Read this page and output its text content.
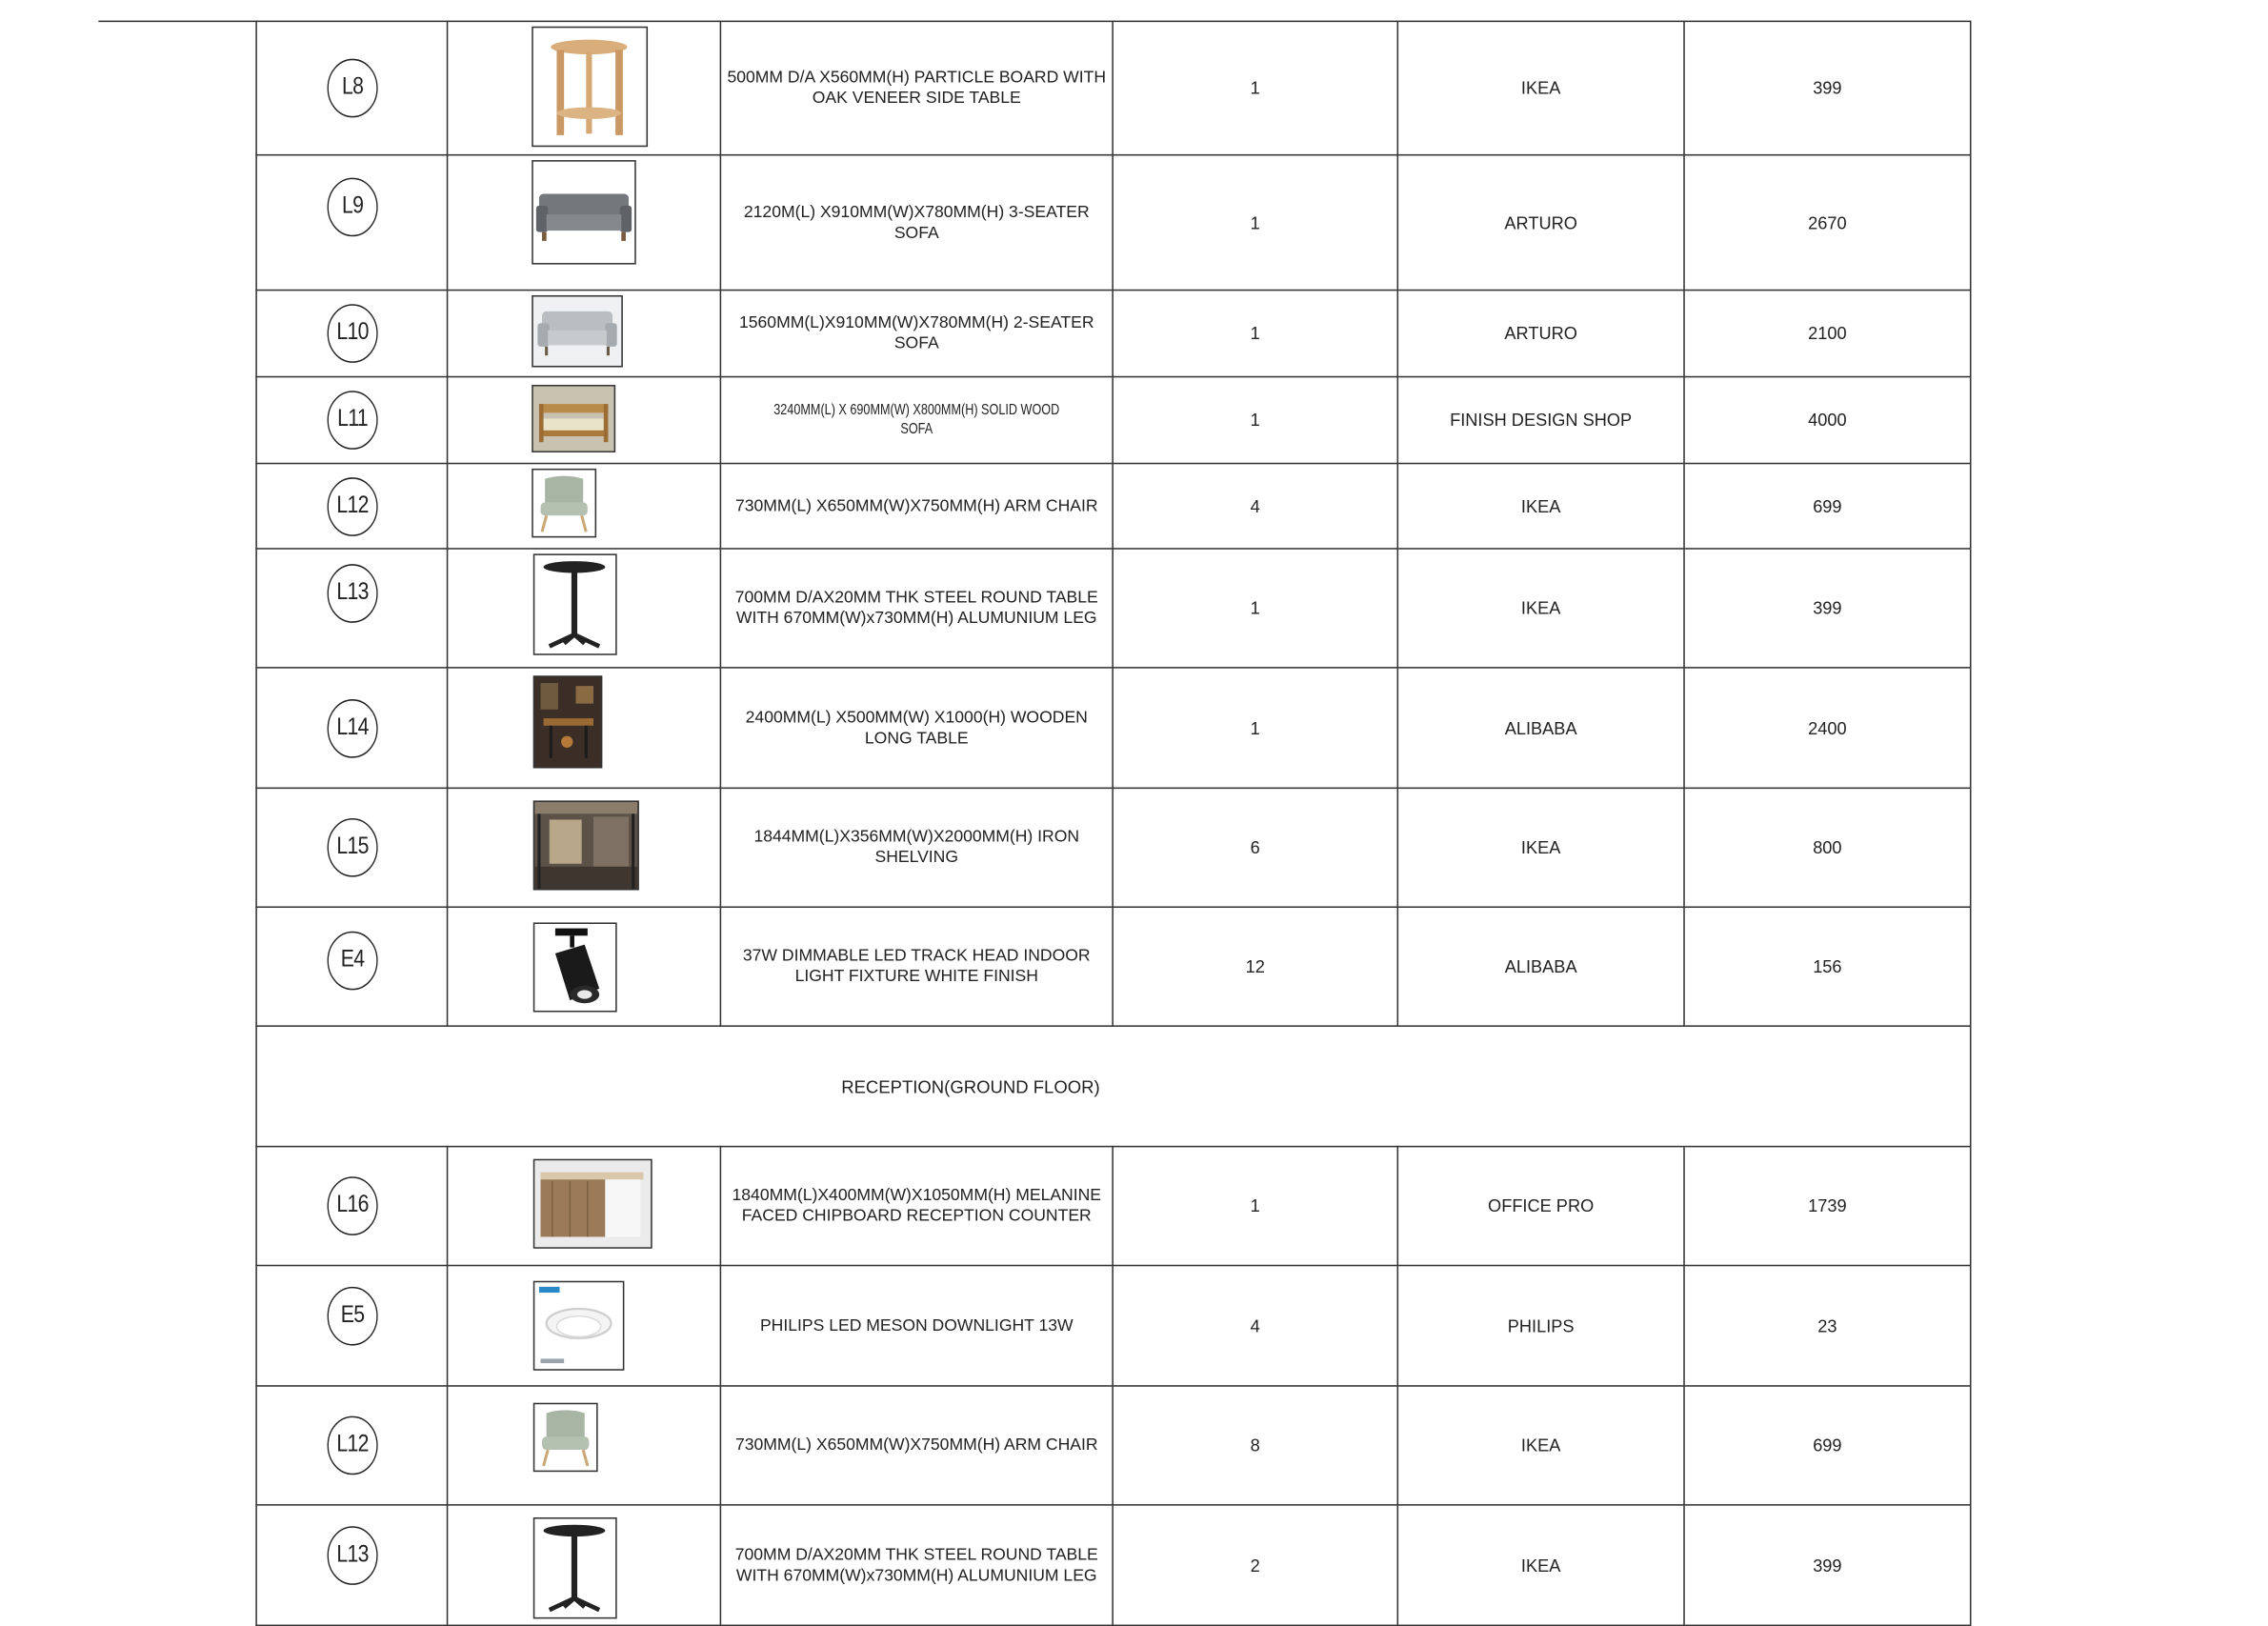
L8		500MM D/A X560MM(H) PARTICLE BOARD WITH OAK VENEER SIDE TABLE	1	IKEA	399
L9		2120M(L) X910MM(W)X780MM(H) 3-SEATER SOFA	1	ARTURO	2670
L10		1560MM(L)X910MM(W)X780MM(H) 2-SEATER SOFA	1	ARTURO	2100
L11		3240MM(L) X 690MM(W) X800MM(H) SOLID WOOD SOFA	1	FINISH DESIGN SHOP	4000
L12		730MM(L) X650MM(W)X750MM(H) ARM CHAIR	4	IKEA	699
L13		700MM D/AX20MM THK STEEL ROUND TABLE WITH 670MM(W)x730MM(H) ALUMUNIUM LEG	1	IKEA	399
L14		2400MM(L) X500MM(W) X1000(H) WOODEN LONG TABLE	1	ALIBABA	2400
L15		1844MM(L)X356MM(W)X2000MM(H) IRON SHELVING	6	IKEA	800
E4		37W DIMMABLE LED TRACK HEAD INDOOR LIGHT FIXTURE WHITE FINISH	12	ALIBABA	156
RECEPTION(GROUND FLOOR)					
L16		1840MM(L)X400MM(W)X1050MM(H) MELANINE FACED CHIPBOARD RECEPTION COUNTER	1	OFFICE PRO	1739
E5		PHILIPS LED MESON DOWNLIGHT 13W	4	PHILIPS	23
L12		730MM(L) X650MM(W)X750MM(H) ARM CHAIR	8	IKEA	699
L13		700MM D/AX20MM THK STEEL ROUND TABLE WITH 670MM(W)x730MM(H) ALUMUNIUM LEG	2	IKEA	399
